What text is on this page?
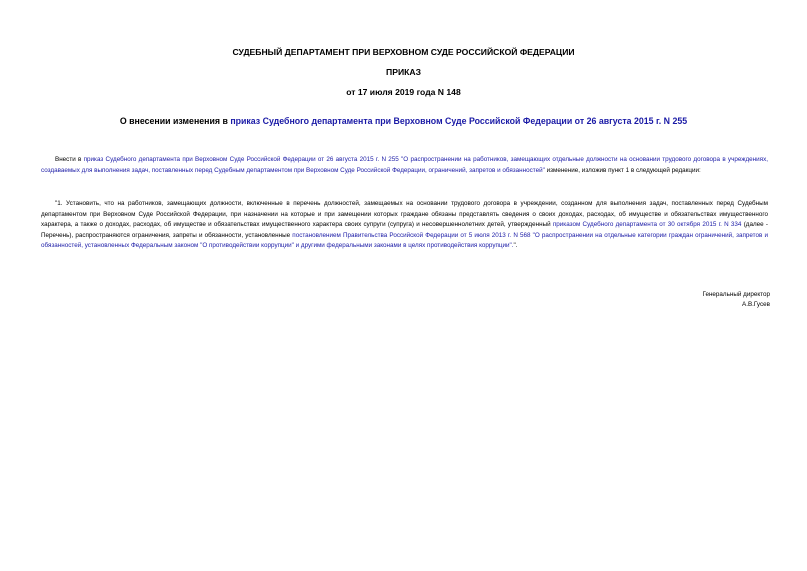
СУДЕБНЫЙ ДЕПАРТАМЕНТ ПРИ ВЕРХОВНОМ СУДЕ РОССИЙСКОЙ ФЕДЕРАЦИИ
ПРИКАЗ
от 17 июля 2019 года N 148
О внесении изменения в приказ Судебного департамента при Верховном Суде Российской Федерации от 26 августа 2015 г. N 255
Внести в приказ Судебного департамента при Верховном Суде Российской Федерации от 26 августа 2015 г. N 255 "О распространении на работников, замещающих отдельные должности на основании трудового договора в учреждениях, создаваемых для выполнения задач, поставленных перед Судебным департаментом при Верховном Суде Российской Федерации, ограничений, запретов и обязанностей" изменение, изложив пункт 1 в следующей редакции:
"1. Установить, что на работников, замещающих должности, включенные в перечень должностей, замещаемых на основании трудового договора в учреждении, созданном для выполнения задач, поставленных перед Судебным департаментом при Верховном Суде Российской Федерации, при назначении на которые и при замещении которых граждане обязаны представлять сведения о своих доходах, расходах, об имуществе и обязательствах имущественного характера, а также о доходах, расходах, об имуществе и обязательствах имущественного характера своих супруги (супруга) и несовершеннолетних детей, утвержденный приказом Судебного департамента от 30 октября 2015 г. N 334 (далее - Перечень), распространяются ограничения, запреты и обязанности, установленные постановлением Правительства Российской Федерации от 5 июля 2013 г. N 568 "О распространении на отдельные категории граждан ограничений, запретов и обязанностей, установленных Федеральным законом "О противодействии коррупции" и другими федеральными законами в целях противодействия коррупции".".
Генеральный директор
А.В.Гусев
